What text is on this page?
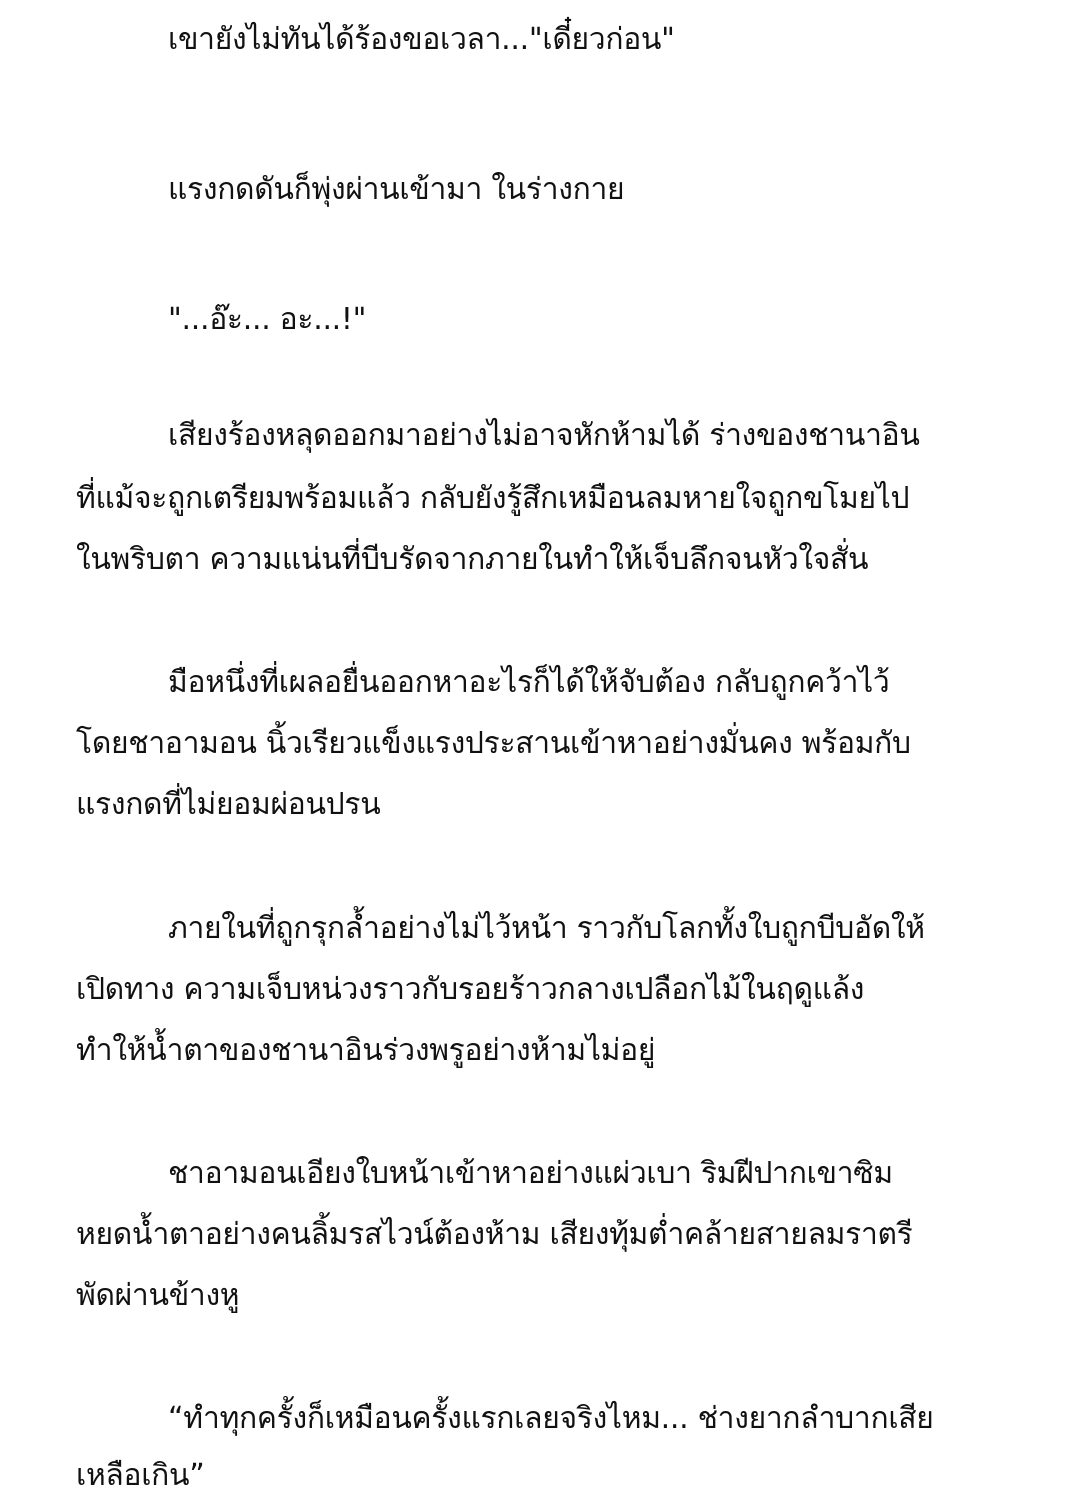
เขายังไม่ทันได้ร้องขอเวลา..."เดี๋ยวก่อน"
แรงกดดันก็พุ่งผ่านเข้ามา ในร่างกาย
"...อ๊ะ... อะ...!"
เสียงร้องหลุดออกมาอย่างไม่อาจหักห้ามได้ ร่างของชานาอิน
ที่แม้จะถูกเตรียมพร้อมแล้ว กลับยังรู้สึกเหมือนลมหายใจถูกขโมยไป
ในพริบตา ความแน่นที่บีบรัดจากภายในทำให้เจ็บลึกจนหัวใจสั่น
มือหนึ่งที่เผลอยื่นออกหาอะไรก็ได้ให้จับต้อง กลับถูกคว้าไว้
โดยชาอามอน นิ้วเรียวแข็งแรงประสานเข้าหาอย่างมั่นคง พร้อมกับ
แรงกดที่ไม่ยอมผ่อนปรน
ภายในที่ถูกรุกล้ำอย่างไม่ไว้หน้า ราวกับโลกทั้งใบถูกบีบอัดให้
เปิดทาง ความเจ็บหน่วงราวกับรอยร้าวกลางเปลือกไม้ในฤดูแล้ง
ทำให้น้ำตาของชานาอินร่วงพรูอย่างห้ามไม่อยู่
ชาอามอนเอียงใบหน้าเข้าหาอย่างแผ่วเบา ริมฝีปากเขาซิม
หยดน้ำตาอย่างคนลิ้มรสไวน์ต้องห้าม เสียงทุ้มต่ำคล้ายสายลมราตรี
พัดผ่านข้างหู
“ทำทุกครั้งก็เหมือนครั้งแรกเลยจริงไหม... ช่างยากลำบากเสีย
เหลือเกิน”
